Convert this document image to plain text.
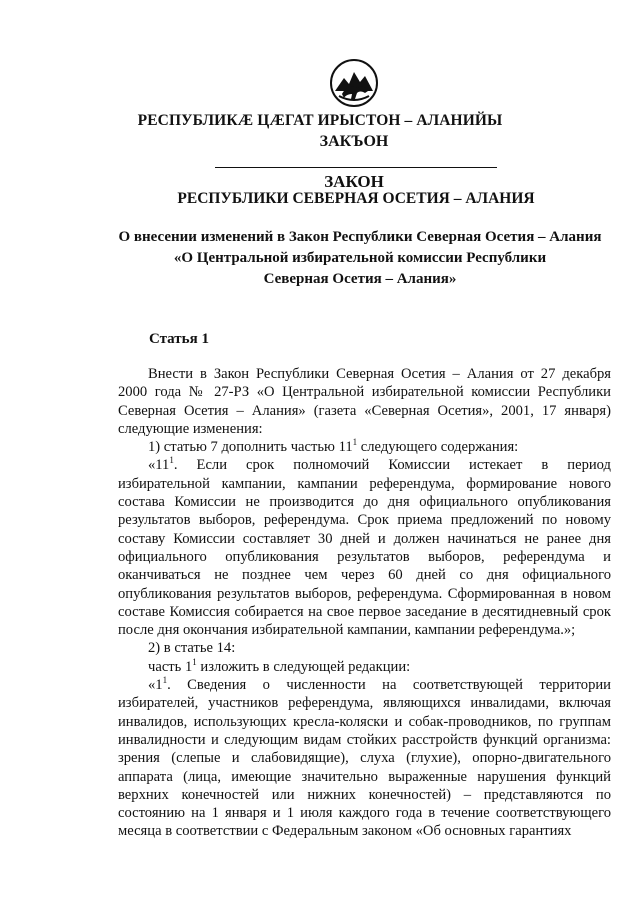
РЕСПУБЛИКӔ ЦӔГАТ ИРЫСТОН – АЛАНИЙЫ
ЗАКЪОН
ЗАКОН
РЕСПУБЛИКИ СЕВЕРНАЯ ОСЕТИЯ – АЛАНИЯ
О внесении изменений в Закон Республики Северная Осетия – Алания
«О Центральной избирательной комиссии Республики
Северная Осетия – Алания»
Статья 1
Внести в Закон Республики Северная Осетия – Алания от 27 декабря
2000 года № 27-РЗ «О Центральной избирательной комиссии Республики
Северная Осетия – Алания» (газета «Северная Осетия», 2001, 17 января)
следующие изменения:
1) статью 7 дополнить частью $11^1$ следующего содержания:
«$11^1$. Если срок полномочий Комиссии истекает в период
избирательной кампании, кампании референдума, формирование нового
состава Комиссии не производится до дня официального опубликования
результатов выборов, референдума. Срок приема предложений по новому
составу Комиссии составляет 30 дней и должен начинаться не ранее дня
официального опубликования результатов выборов, референдума и
оканчиваться не позднее чем через 60 дней со дня официального
опубликования результатов выборов, референдума. Сформированная в новом
составе Комиссия собирается на свое первое заседание в десятидневный срок
после дня окончания избирательной кампании, кампании референдума.»;
2) в статье 14:
часть $1^1$ изложить в следующей редакции:
«$1^1$. Сведения о численности на соответствующей территории
избирателей, участников референдума, являющихся инвалидами, включая
инвалидов, использующих кресла-коляски и собак-проводников, по группам
инвалидности и следующим видам стойких расстройств функций организма:
зрения (слепые и слабовидящие), слуха (глухие), опорно-двигательного
аппарата (лица, имеющие значительно выраженные нарушения функций
верхних конечностей или нижних конечностей) – представляются по
состоянию на 1 января и 1 июля каждого года в течение соответствующего
месяца в соответствии с Федеральным законом «Об основных гарантиях
